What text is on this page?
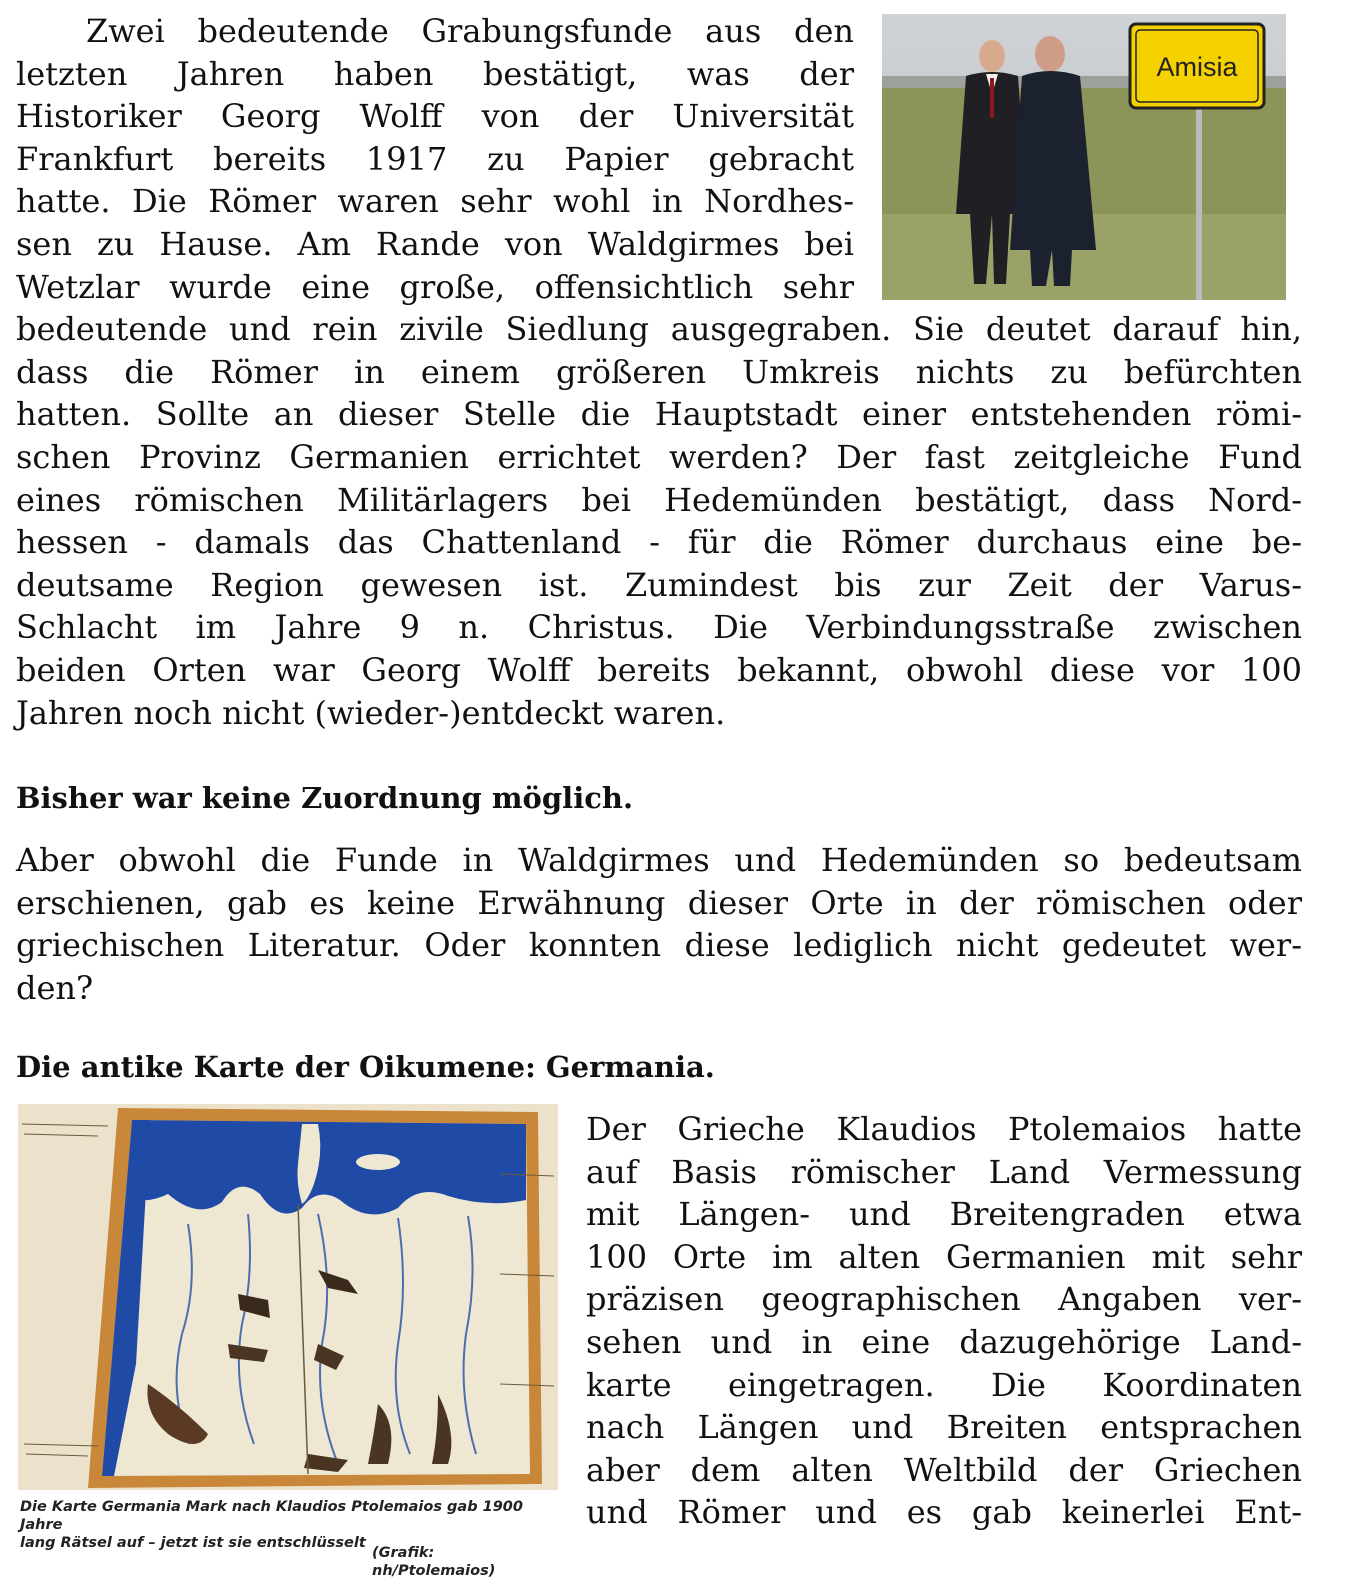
Zwei bedeutende Grabungsfunde aus den
letzten Jahren haben bestätigt, was der
Historiker Georg Wolff von der Universität
Frankfurt bereits 1917 zu Papier gebracht
hatte. Die Römer waren sehr wohl in Nordhes-
sen zu Hause. Am Rande von Waldgirmes bei
Wetzlar wurde eine große, offensichtlich sehr
bedeutende und rein zivile Siedlung ausgegraben. Sie deutet darauf hin,
dass die Römer in einem größeren Umkreis nichts zu befürchten
hatten. Sollte an dieser Stelle die Hauptstadt einer entstehenden römi-
schen Provinz Germanien errichtet werden? Der fast zeitgleiche Fund
eines römischen Militärlagers bei Hedemünden bestätigt, dass Nord-
hessen - damals das Chattenland - für die Römer durchaus eine be-
deutsame Region gewesen ist. Zumindest bis zur Zeit der Varus-
Schlacht im Jahre 9 n. Christus. Die Verbindungsstraße zwischen
beiden Orten war Georg Wolff bereits bekannt, obwohl diese vor 100
Jahren noch nicht (wieder-)entdeckt waren.
Amisia
Bisher war keine Zuordnung möglich.
Aber obwohl die Funde in Waldgirmes und Hedemünden so bedeutsam
erschienen, gab es keine Erwähnung dieser Orte in der römischen oder
griechischen Literatur. Oder konnten diese lediglich nicht gedeutet wer-
den?
Die antike Karte der Oikumene: Germania.
Die Karte Germania Mark nach Klaudios Ptolemaios gab 1900 Jahre
lang Rätsel auf – jetzt ist sie entschlüsselt
(Grafik: nh/Ptolemaios)
Der Grieche Klaudios Ptolemaios hatte
auf Basis römischer Land Vermessung
mit Längen- und Breitengraden etwa
100 Orte im alten Germanien mit sehr
präzisen geographischen Angaben ver-
sehen und in eine dazugehörige Land-
karte eingetragen. Die Koordinaten
nach Längen und Breiten entsprachen
aber dem alten Weltbild der Griechen
und Römer und es gab keinerlei Ent-
